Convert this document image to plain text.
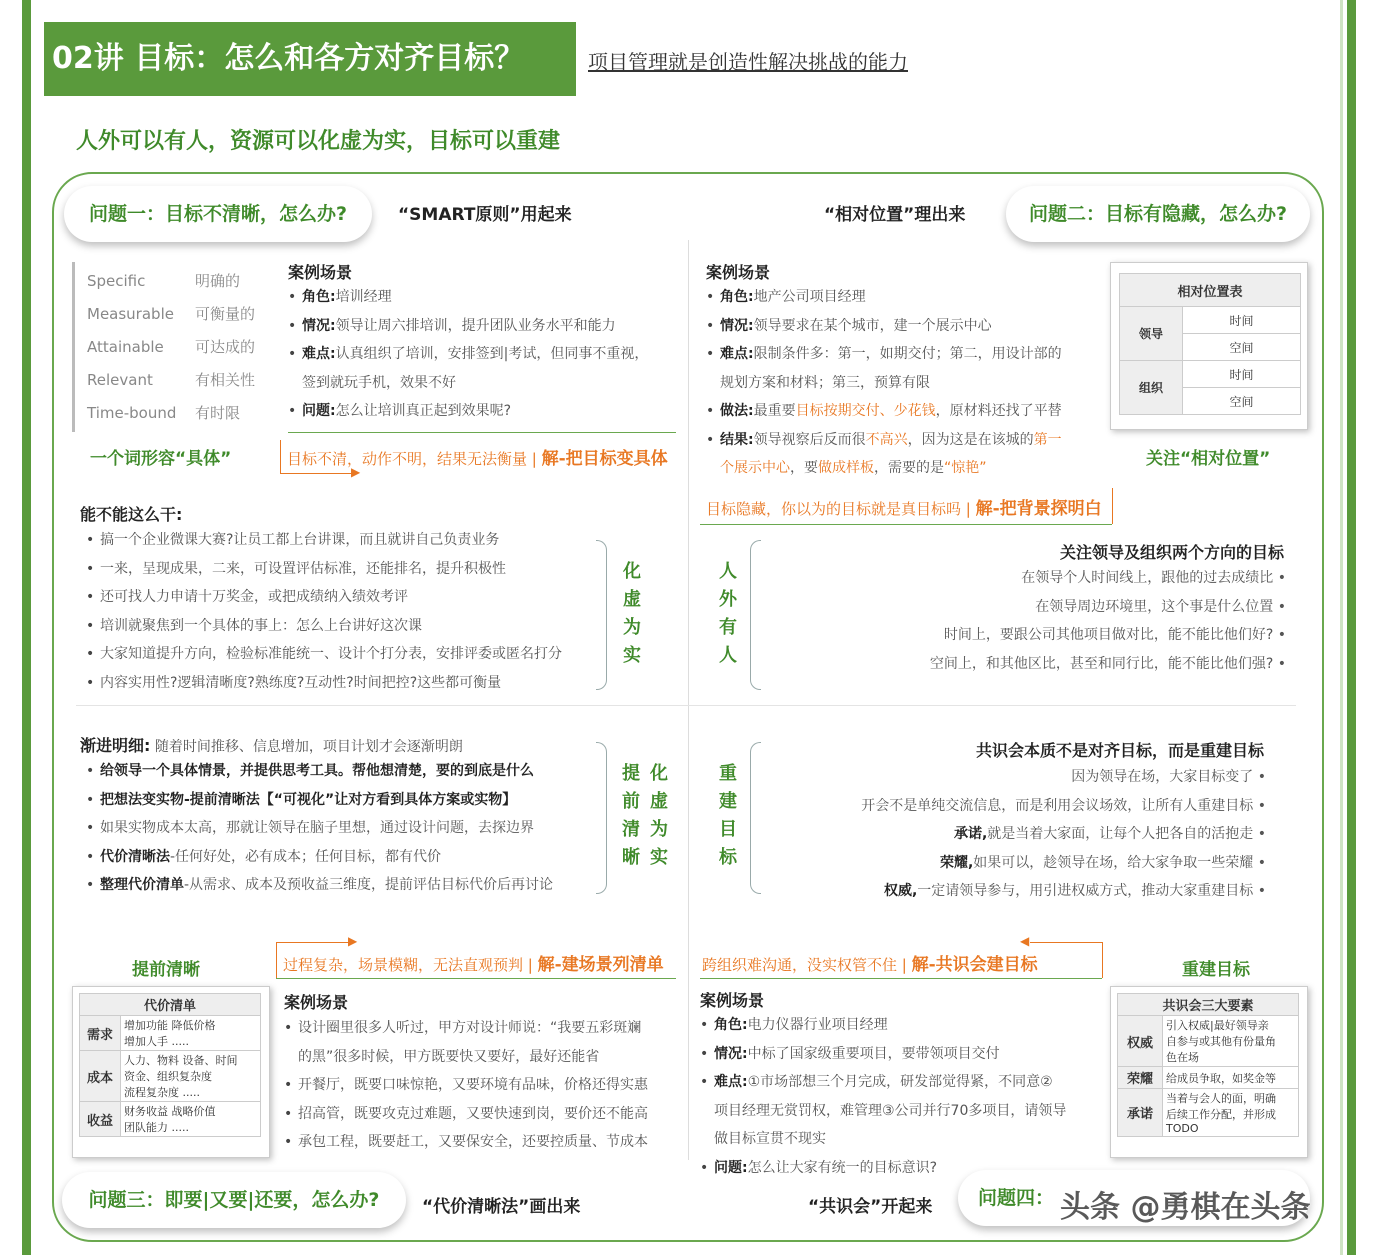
02讲 目标：怎么和各方对齐目标？	项目管理就是创造性解决挑战的能力
人外可以有人，资源可以化虚为实，目标可以重建
问题一：目标不清晰，怎么办?	“SMART原则”用起来
Specific	明确的
Measurable	可衡量的
Attainable	可达成的
Relevant	有相关性
Time-bound	有时限
一个词形容“具体”
案例场景
• 角色: 培训经理
• 情况: 领导让周六排培训，提升团队业务水平和能力
• 难点: 认真组织了培训，安排签到|考试，但同事不重视，
签到就玩手机，效果不好
• 问题: 怎么让培训真正起到效果呢?
目标不清，动作不明，结果无法衡量 | 解-把目标变具体
▶
问题二：目标有隐藏，怎么办?
“相对位置”理出来
案例场景
• 角色: 地产公司项目经理
• 情况: 领导要求在某个城市，建一个展示中心
• 难点: 限制条件多：第一，如期交付；第二，用设计部的
规划方案和材料；第三，预算有限
• 做法: 最重要 目标按期交付、少花钱 ，原材料还找了平替
• 结果: 领导视察后反而很 不高兴 ，因为这是在该城的 第一
个展示中心 ，要 做成样板 ，需要的是 “惊艳”
相对位置表	
领导	时间
	空间
组织	时间
	空间
关注“相对位置”
目标隐藏，你以为的目标就是真目标吗 | 解-把背景探明白
能不能这么干:
• 搞一个企业微课大赛?让员工都上台讲课，而且就讲自己负责业务
• 一来，呈现成果，二来，可设置评估标准，还能排名，提升积极性
• 还可找人力申请十万奖金，或把成绩纳入绩效考评
• 培训就聚焦到一个具体的事上：怎么上台讲好这次课
• 大家知道提升方向，检验标准能统一、设计个打分表，安排评委或匿名打分
• 内容实用性?逻辑清晰度?熟练度?互动性?时间把控?这些都可衡量
化
虚
为
实
人
外
有
人
关注领导及组织两个方向的目标
在领导个人时间线上，跟他的过去成绩比 •
在领导周边环境里，这个事是什么位置 •
时间上，要跟公司其他项目做对比，能不能比他们好? •
空间上，和其他区比，甚至和同行比，能不能比他们强? •
渐进明细: 随着时间推移、信息增加，项目计划才会逐渐明朗
• 给领导一个具体情景，并提供思考工具。帮他想清楚，要的到底是什么
• 把想法变实物-提前清晰法【“可视化”让对方看到具体方案或实物】
• 如果实物成本太高，那就让领导在脑子里想，通过设计问题，去探边界
• 代价清晰法 -任何好处，必有成本；任何目标，都有代价
• 整理代价清单 -从需求、成本及预收益三维度，提前评估目标代价后再讨论
提
前
清
晰
化
虚
为
实
重
建
目
标
共识会本质不是对齐目标，而是重建目标
因为领导在场，大家目标变了 •
开会不是单纯交流信息，而是利用会议场效，让所有人重建目标 •
承诺,就是当着大家面，让每个人把各自的活抱走 •
荣耀,如果可以，趁领导在场，给大家争取一些荣耀 •
权威,一定请领导参与，用引进权威方式，推动大家重建目标 •
▶
过程复杂，场景模糊，无法直观预判 | 解-建场景列清单
提前清晰
代价清单	
需求	增加功能 降低价格
增加人手 .....

成本	人力、物料 设备、时间
资金、组织复杂度
流程复杂度 .....

收益	财务收益 战略价值
团队能力 .....
案例场景
• 设计圈里很多人听过，甲方对设计师说：“我要五彩斑斓
的黑”很多时候，甲方既要快又要好，最好还能省
• 开餐厅，既要口味惊艳，又要环境有品味，价格还得实惠
• 招高管，既要攻克过难题，又要快速到岗，要价还不能高
• 承包工程，既要赶工，又要保安全，还要控质量、节成本
问题三：即要|又要|还要，怎么办?	“代价清晰法”画出来
◀
跨组织难沟通，没实权管不住 | 解-共识会建目标	重建目标
案例场景
• 角色: 电力仪器行业项目经理
• 情况: 中标了国家级重要项目，要带领项目交付
• 难点: ①市场部想三个月完成，研发部觉得紧，不同意②
项目经理无赏罚权，难管理③公司并行70多项目，请领导
做目标宣贯不现实
• 问题: 怎么让大家有统一的目标意识?
共识会三大要素	
权威	引入权威|最好领导亲
自参与或其他有份量角
色在场

荣耀	给成员争取，如奖金等

承诺	当着与会人的面，明确
后续工作分配，并形成
TODO
“共识会”开起来	问题四： 头条 @勇棋在头条
